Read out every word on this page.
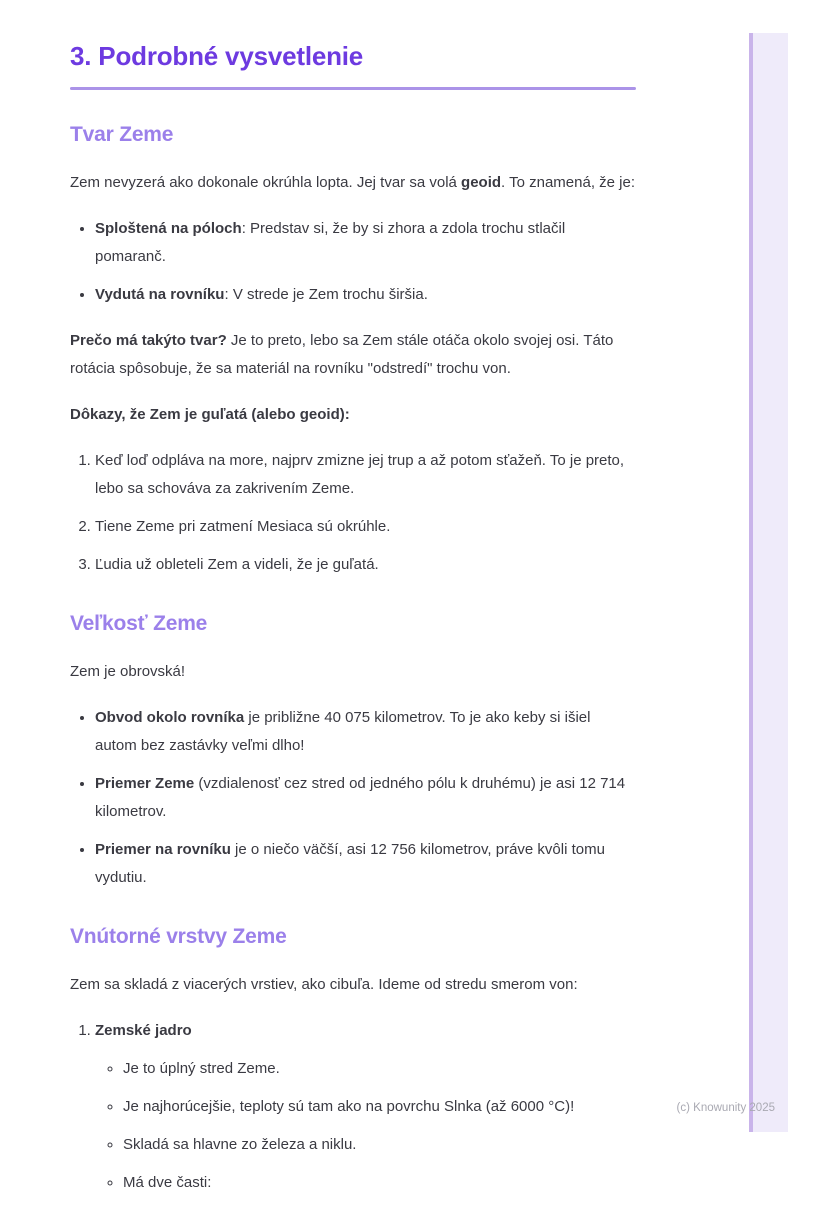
3. Podrobné vysvetlenie
Tvar Zeme

Zem nevyzerá ako dokonale okrúhla lopta. Jej tvar sa volá geoid. To znamená, že je:

• Sploštená na póloch: Predstav si, že by si zhora a zdola trochu stlačil pomaranč.
• Vydutá na rovníku: V strede je Zem trochu širšia.

Prečo má takýto tvar? Je to preto, lebo sa Zem stále otáča okolo svojej osi. Táto rotácia spôsobuje, že sa materiál na rovníku "odstredí" trochu von.

Dôkazy, že Zem je guľatá (alebo geoid):

1. Keď loď odpláva na more, najprv zmizne jej trup a až potom sťažeň. To je preto, lebo sa schováva za zakrivením Zeme.
2. Tiene Zeme pri zatmení Mesiaca sú okrúhle.
3. Ľudia už obleteli Zem a videli, že je guľatá.
Veľkosť Zeme

Zem je obrovská!

• Obvod okolo rovníka je približne 40 075 kilometrov. To je ako keby si išiel autom bez zastávky veľmi dlho!
• Priemer Zeme (vzdialenosť cez stred od jedného pólu k druhému) je asi 12 714 kilometrov.
• Priemer na rovníku je o niečo väčší, asi 12 756 kilometrov, práve kvôli tomu vydutiu.
Vnútorné vrstvy Zeme

Zem sa skladá z viacerých vrstiev, ako cibuľa. Ideme od stredu smerom von:

1. Zemské jadro
◦ Je to úplný stred Zeme.
◦ Je najhorúcejšie, teploty sú tam ako na povrchu Slnka (až 6000 °C)!
◦ Skladá sa hlavne zo železa a niklu.
◦ Má dve časti:
(c) Knowunity 2025
